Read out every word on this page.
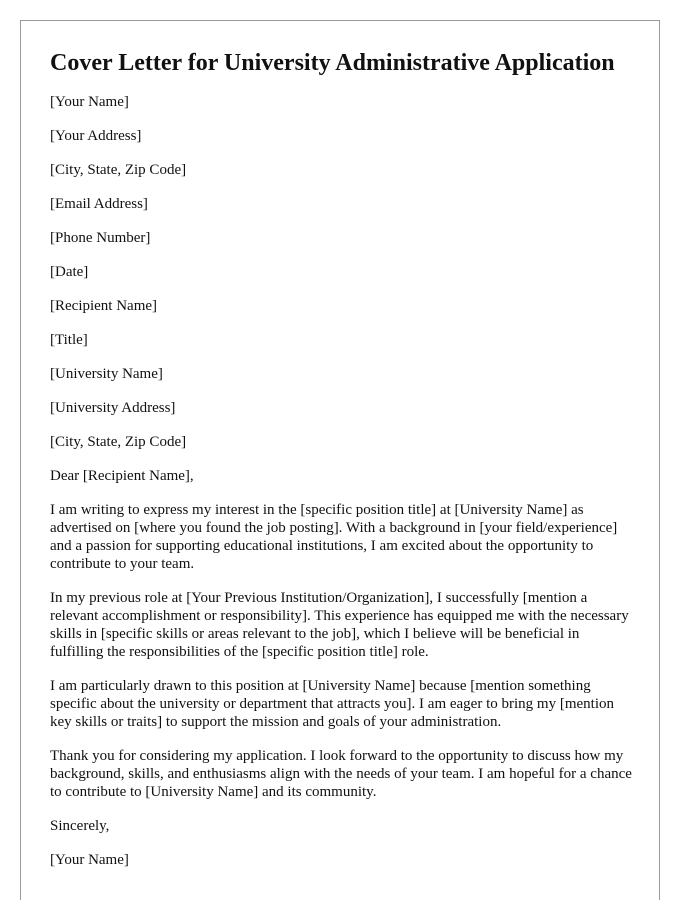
Cover Letter for University Administrative Application

[Your Name]

[Your Address]

[City, State, Zip Code]

[Email Address]

[Phone Number]

[Date]

[Recipient Name]

[Title]

[University Name]

[University Address]

[City, State, Zip Code]

Dear [Recipient Name],

I am writing to express my interest in the [specific position title] at [University Name] as advertised on [where you found the job posting]. With a background in [your field/experience] and a passion for supporting educational institutions, I am excited about the opportunity to contribute to your team.

In my previous role at [Your Previous Institution/Organization], I successfully [mention a relevant accomplishment or responsibility]. This experience has equipped me with the necessary skills in [specific skills or areas relevant to the job], which I believe will be beneficial in fulfilling the responsibilities of the [specific position title] role.

I am particularly drawn to this position at [University Name] because [mention something specific about the university or department that attracts you]. I am eager to bring my [mention key skills or traits] to support the mission and goals of your administration.

Thank you for considering my application. I look forward to the opportunity to discuss how my background, skills, and enthusiasms align with the needs of your team. I am hopeful for a chance to contribute to [University Name] and its community.

Sincerely,

[Your Name]
